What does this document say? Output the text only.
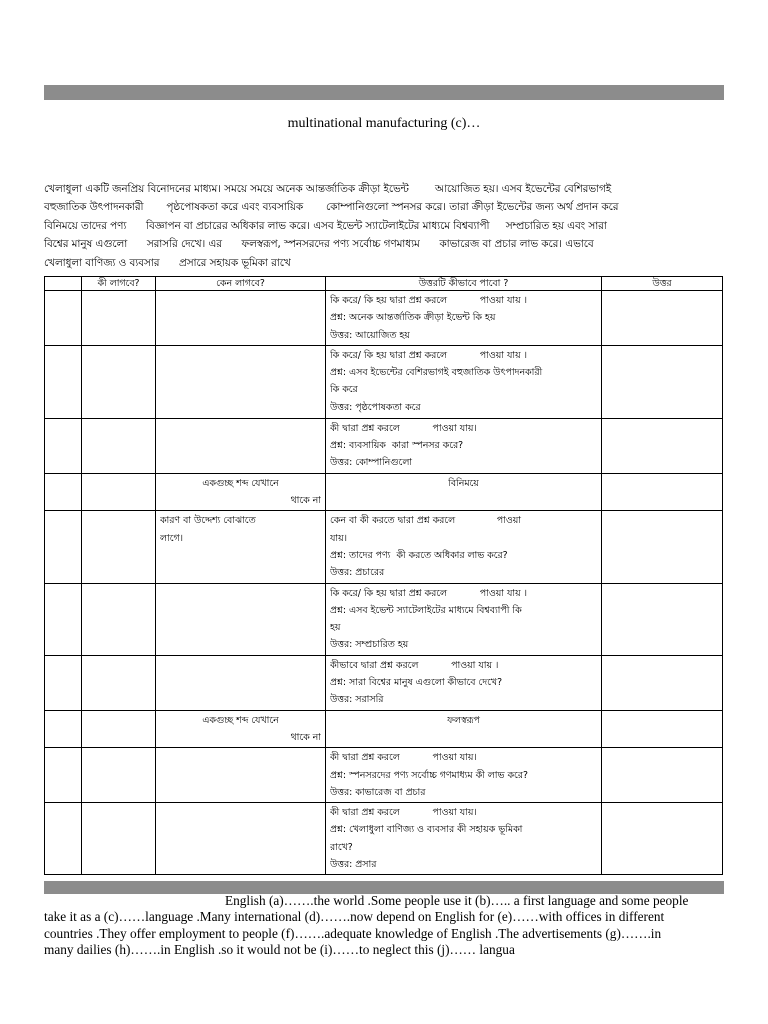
multinational manufacturing (c)…
খেলাধুলা একটি জনপ্রিয় বিনোদনের মাধ্যম। সময়ে সময়ে অনেক আন্তর্জাতিক ক্রীড়া ইভেন্ট        আয়োজিত হয়। এসব ইভেন্টের বেশিরভাগই
বহুজাতিক উৎপাদনকারী       পৃষ্ঠপোষকতা করে এবং ব্যবসায়িক       কোম্পানিগুলো স্পনসর করে। তারা ক্রীড়া ইভেন্টের জন্য অর্থ প্রদান করে
বিনিময়ে তাদের পণ্য      বিজ্ঞাপন বা প্রচারের অধিকার লাভ করে। এসব ইভেন্ট স্যাটেলাইটের মাধ্যমে বিশ্বব্যাপী     সম্প্রচারিত হয় এবং সারা
বিশ্বের মানুষ এগুলো      সরাসরি দেখে। এর      ফলস্বরূপ, স্পনসরদের পণ্য সর্বোচ্চ গণমাধ্যম      কাভারেজ বা প্রচার লাভ করে। এভাবে
খেলাধুলা বাণিজ্য ও ব্যবসার      প্রসারে সহায়ক ভূমিকা রাখে
	কী লাগবে?	কেন লাগবে?	উত্তরটি কীভাবে পাবো ?	উত্তর

			কি করে/ কি হয় দ্বারা প্রশ্ন করলে           পাওয়া যায় ।
প্রশ্ন: অনেক আন্তর্জাতিক ক্রীড়া ইভেন্ট কি হয়
উত্তর: আয়োজিত হয়	

			কি করে/ কি হয় দ্বারা প্রশ্ন করলে           পাওয়া যায় ।
প্রশ্ন: এসব ইভেন্টের বেশিরভাগই বহুজাতিক উৎপাদনকারী
কি করে
উত্তর: পৃষ্ঠপোষকতা করে	

			কী দ্বারা প্রশ্ন করলে           পাওয়া যায়।
প্রশ্ন: ব্যবসায়িক  কারা স্পনসর করে?
উত্তর: কোম্পানিগুলো	

		একগুচ্ছ শব্দ যেখানে
থাকে না	বিনিময়ে	

		কারণ বা উদ্দেশ্য বোঝাতে
লাগে।	কেন বা কী করতে দ্বারা প্রশ্ন করলে              পাওয়া
যায়।
প্রশ্ন: তাদের পণ্য  কী করতে অধিকার লাভ করে?
উত্তর: প্রচারের	

			কি করে/ কি হয় দ্বারা প্রশ্ন করলে           পাওয়া যায় ।
প্রশ্ন: এসব ইভেন্ট স্যাটেলাইটের মাধ্যমে বিশ্বব্যাপী কি
হয়
উত্তর: সম্প্রচারিত হয়	

			কীভাবে দ্বারা প্রশ্ন করলে           পাওয়া যায় ।
প্রশ্ন: সারা বিশ্বের মানুষ এগুলো কীভাবে দেখে?
উত্তর: সরাসরি	

		একগুচ্ছ শব্দ যেখানে
থাকে না	ফলস্বরূপ	

			কী দ্বারা প্রশ্ন করলে           পাওয়া যায়।
প্রশ্ন: স্পনসরদের পণ্য সর্বোচ্চ গণমাধ্যম কী লাভ করে?
উত্তর: কাভারেজ বা প্রচার	

			কী দ্বারা প্রশ্ন করলে           পাওয়া যায়।
প্রশ্ন: খেলাধুলা বাণিজ্য ও ব্যবসার কী সহায়ক ভূমিকা
রাখে?
উত্তর: প্রসার	

English (a)…….the world .Some people use it (b)….. a first language and some people
take it as a (c)……language .Many international (d)…….now depend on English for (e)……with offices in different
countries .They offer employment to people (f)…….adequate knowledge of English .The advertisements (g)…….in
many dailies (h)…….in English .so it would not be (i)……to neglect this (j)…… langua
